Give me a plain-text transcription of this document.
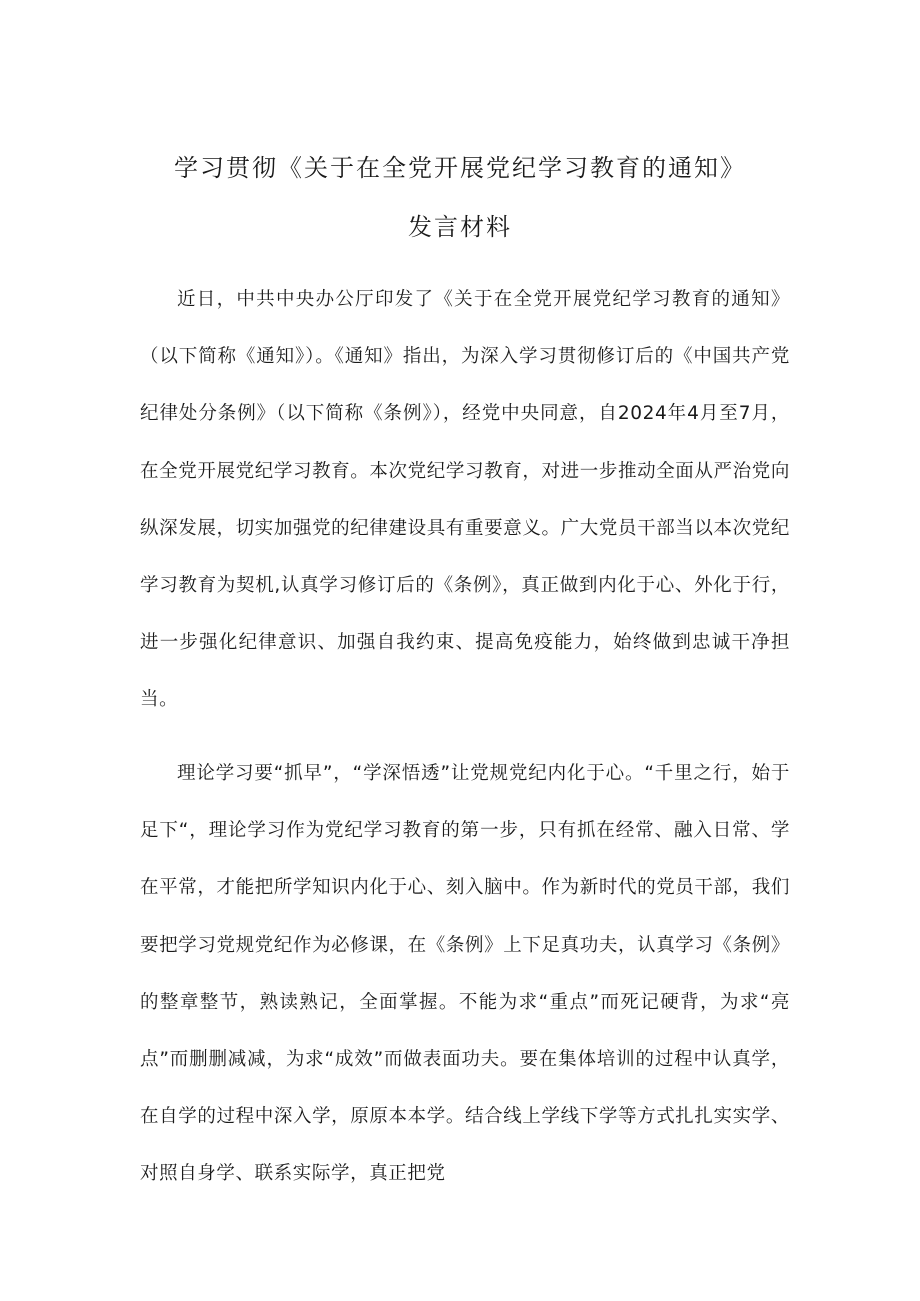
学习贯彻《关于在全党开展党纪学习教育的通知》
发言材料

近日，中共中央办公厅印发了《关于在全党开展党纪学习教育的通知》（以下简称《通知》）。《通知》指出，为深入学习贯彻修订后的《中国共产党纪律处分条例》（以下简称《条例》），经党中央同意，自2024年4月至7月，在全党开展党纪学习教育。本次党纪学习教育，对进一步推动全面从严治党向纵深发展，切实加强党的纪律建设具有重要意义。广大党员干部当以本次党纪学习教育为契机,认真学习修订后的《条例》，真正做到内化于心、外化于行，进一步强化纪律意识、加强自我约束、提高免疫能力，始终做到忠诚干净担当。

理论学习要“抓早”，“学深悟透”让党规党纪内化于心。“千里之行，始于足下“，理论学习作为党纪学习教育的第一步，只有抓在经常、融入日常、学在平常，才能把所学知识内化于心、刻入脑中。作为新时代的党员干部，我们要把学习党规党纪作为必修课，在《条例》上下足真功夫，认真学习《条例》的整章整节，熟读熟记，全面掌握。不能为求“重点”而死记硬背，为求“亮点”而删删减减，为求“成效”而做表面功夫。要在集体培训的过程中认真学，在自学的过程中深入学，原原本本学。结合线上学线下学等方式扎扎实实学、对照自身学、联系实际学，真正把党
